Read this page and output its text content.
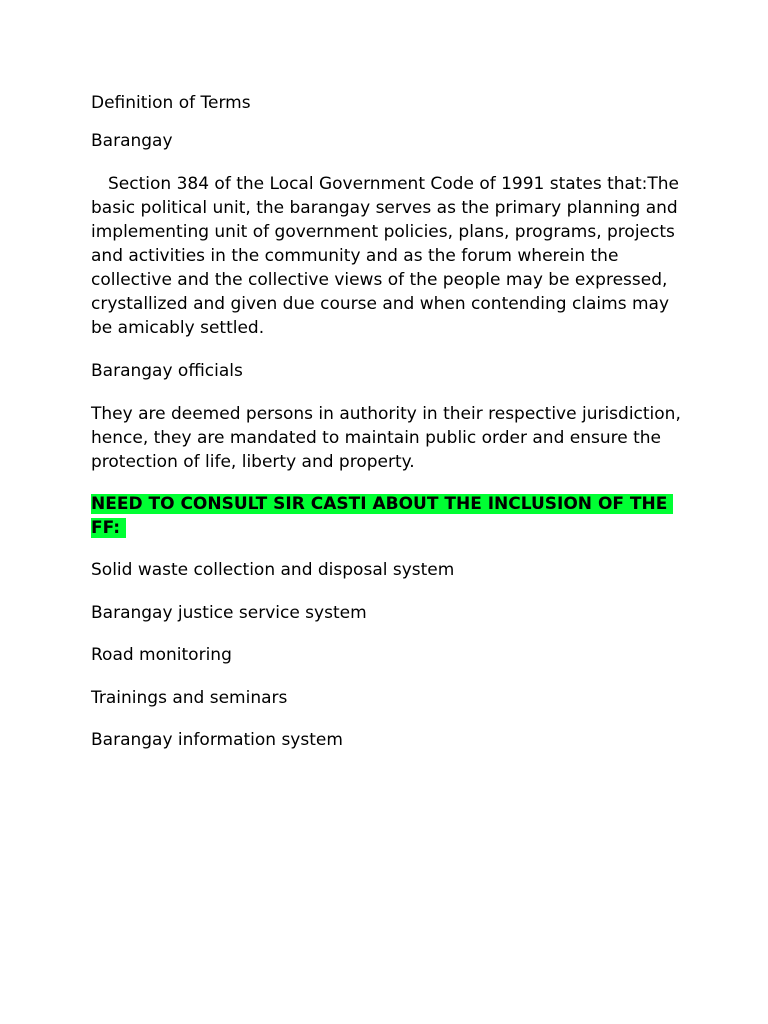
Definition of Terms

Barangay

Section 384 of the Local Government Code of 1991 states that:The basic political unit, the barangay serves as the primary planning and implementing unit of government policies, plans, programs, projects and activities in the community and as the forum wherein the collective and the collective views of the people may be expressed, crystallized and given due course and when contending claims may be amicably settled.

Barangay officials

They are deemed persons in authority in their respective jurisdiction, hence, they are mandated to maintain public order and ensure the protection of life, liberty and property.

NEED TO CONSULT SIR CASTI ABOUT THE INCLUSION OF THE FF:

Solid waste collection and disposal system

Barangay justice service system

Road monitoring

Trainings and seminars

Barangay information system
